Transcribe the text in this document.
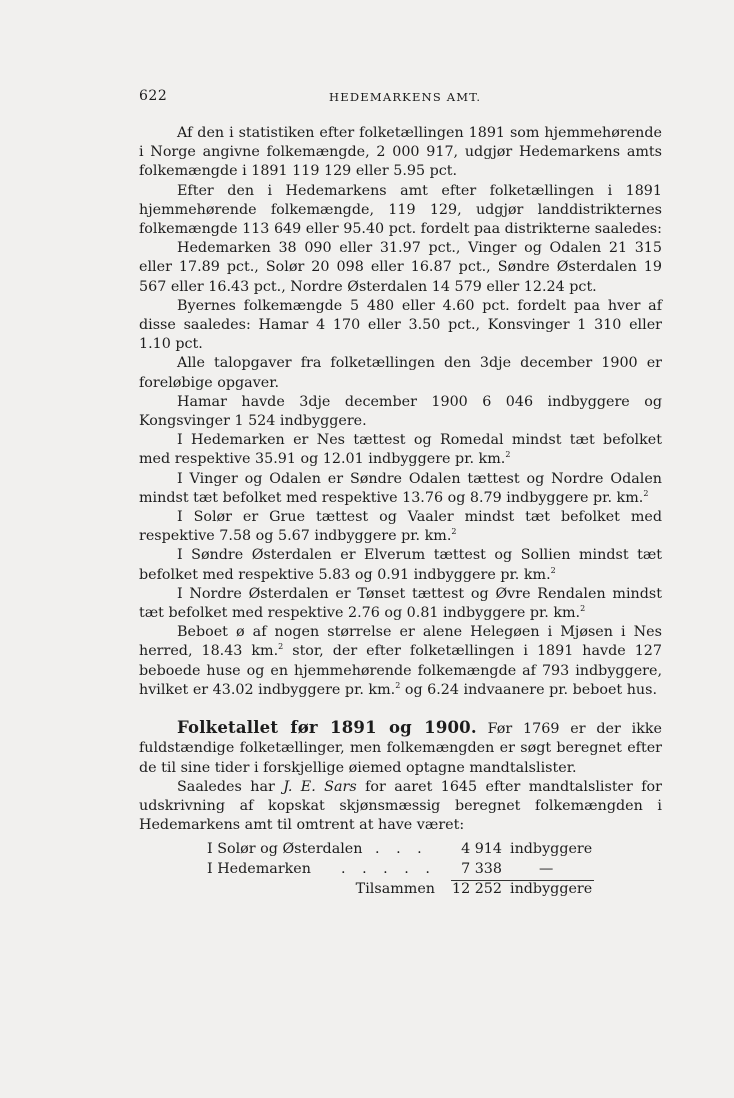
622	HEDEMARKENS AMT.

Af den i statistiken efter folketællingen 1891 som hjemmehørende i Norge angivne folkemængde, 2 000 917, udgjør Hedemarkens amts folkemængde i 1891 119 129 eller 5.95 pct.

Efter den i Hedemarkens amt efter folketællingen i 1891 hjemmehørende folkemængde, 119 129, udgjør landdistrikternes folkemængde 113 649 eller 95.40 pct. fordelt paa distrikterne saaledes:

Hedemarken 38 090 eller 31.97 pct., Vinger og Odalen 21 315 eller 17.89 pct., Solør 20 098 eller 16.87 pct., Søndre Østerdalen 19 567 eller 16.43 pct., Nordre Østerdalen 14 579 eller 12.24 pct.

Byernes folkemængde 5 480 eller 4.60 pct. fordelt paa hver af disse saaledes: Hamar 4 170 eller 3.50 pct., Konsvinger 1 310 eller 1.10 pct.

Alle talopgaver fra folketællingen den 3dje december 1900 er foreløbige opgaver.

Hamar havde 3dje december 1900 6 046 indbyggere og Kongsvinger 1 524 indbyggere.

I Hedemarken er Nes tættest og Romedal mindst tæt befolket med respektive 35.91 og 12.01 indbyggere pr. km.$^2$

I Vinger og Odalen er Søndre Odalen tættest og Nordre Odalen mindst tæt befolket med respektive 13.76 og 8.79 indbyggere pr. km.$^2$

I Solør er Grue tættest og Vaaler mindst tæt befolket med respektive 7.58 og 5.67 indbyggere pr. km.$^2$

I Søndre Østerdalen er Elverum tættest og Sollien mindst tæt befolket med respektive 5.83 og 0.91 indbyggere pr. km.$^2$

I Nordre Østerdalen er Tønset tættest og Øvre Rendalen mindst tæt befolket med respektive 2.76 og 0.81 indbyggere pr. km.$^2$

Beboet ø af nogen størrelse er alene Helegøen i Mjøsen i Nes herred, 18.43 km.$^2$ stor, der efter folketællingen i 1891 havde 127 beboede huse og en hjemmehørende folkemængde af 793 indbyggere, hvilket er 43.02 indbyggere pr. km.$^2$ og 6.24 indvaanere pr. beboet hus.

Folketallet før 1891 og 1900. Før 1769 er der ikke fuldstændige folketællinger, men folkemængden er søgt beregnet efter de til sine tider i forskjellige øiemed optagne mandtalslister.

Saaledes har J. E. Sars for aaret 1645 efter mandtalslister for udskrivning af kopskat skjønsmæssig beregnet folkemængden i Hedemarkens amt til omtrent at have været:

I Solør og Østerdalen . . . 4 914 indbyggere
I Hedemarken . . . . . 7 338	—
Tilsammen 12 252 indbyggere
